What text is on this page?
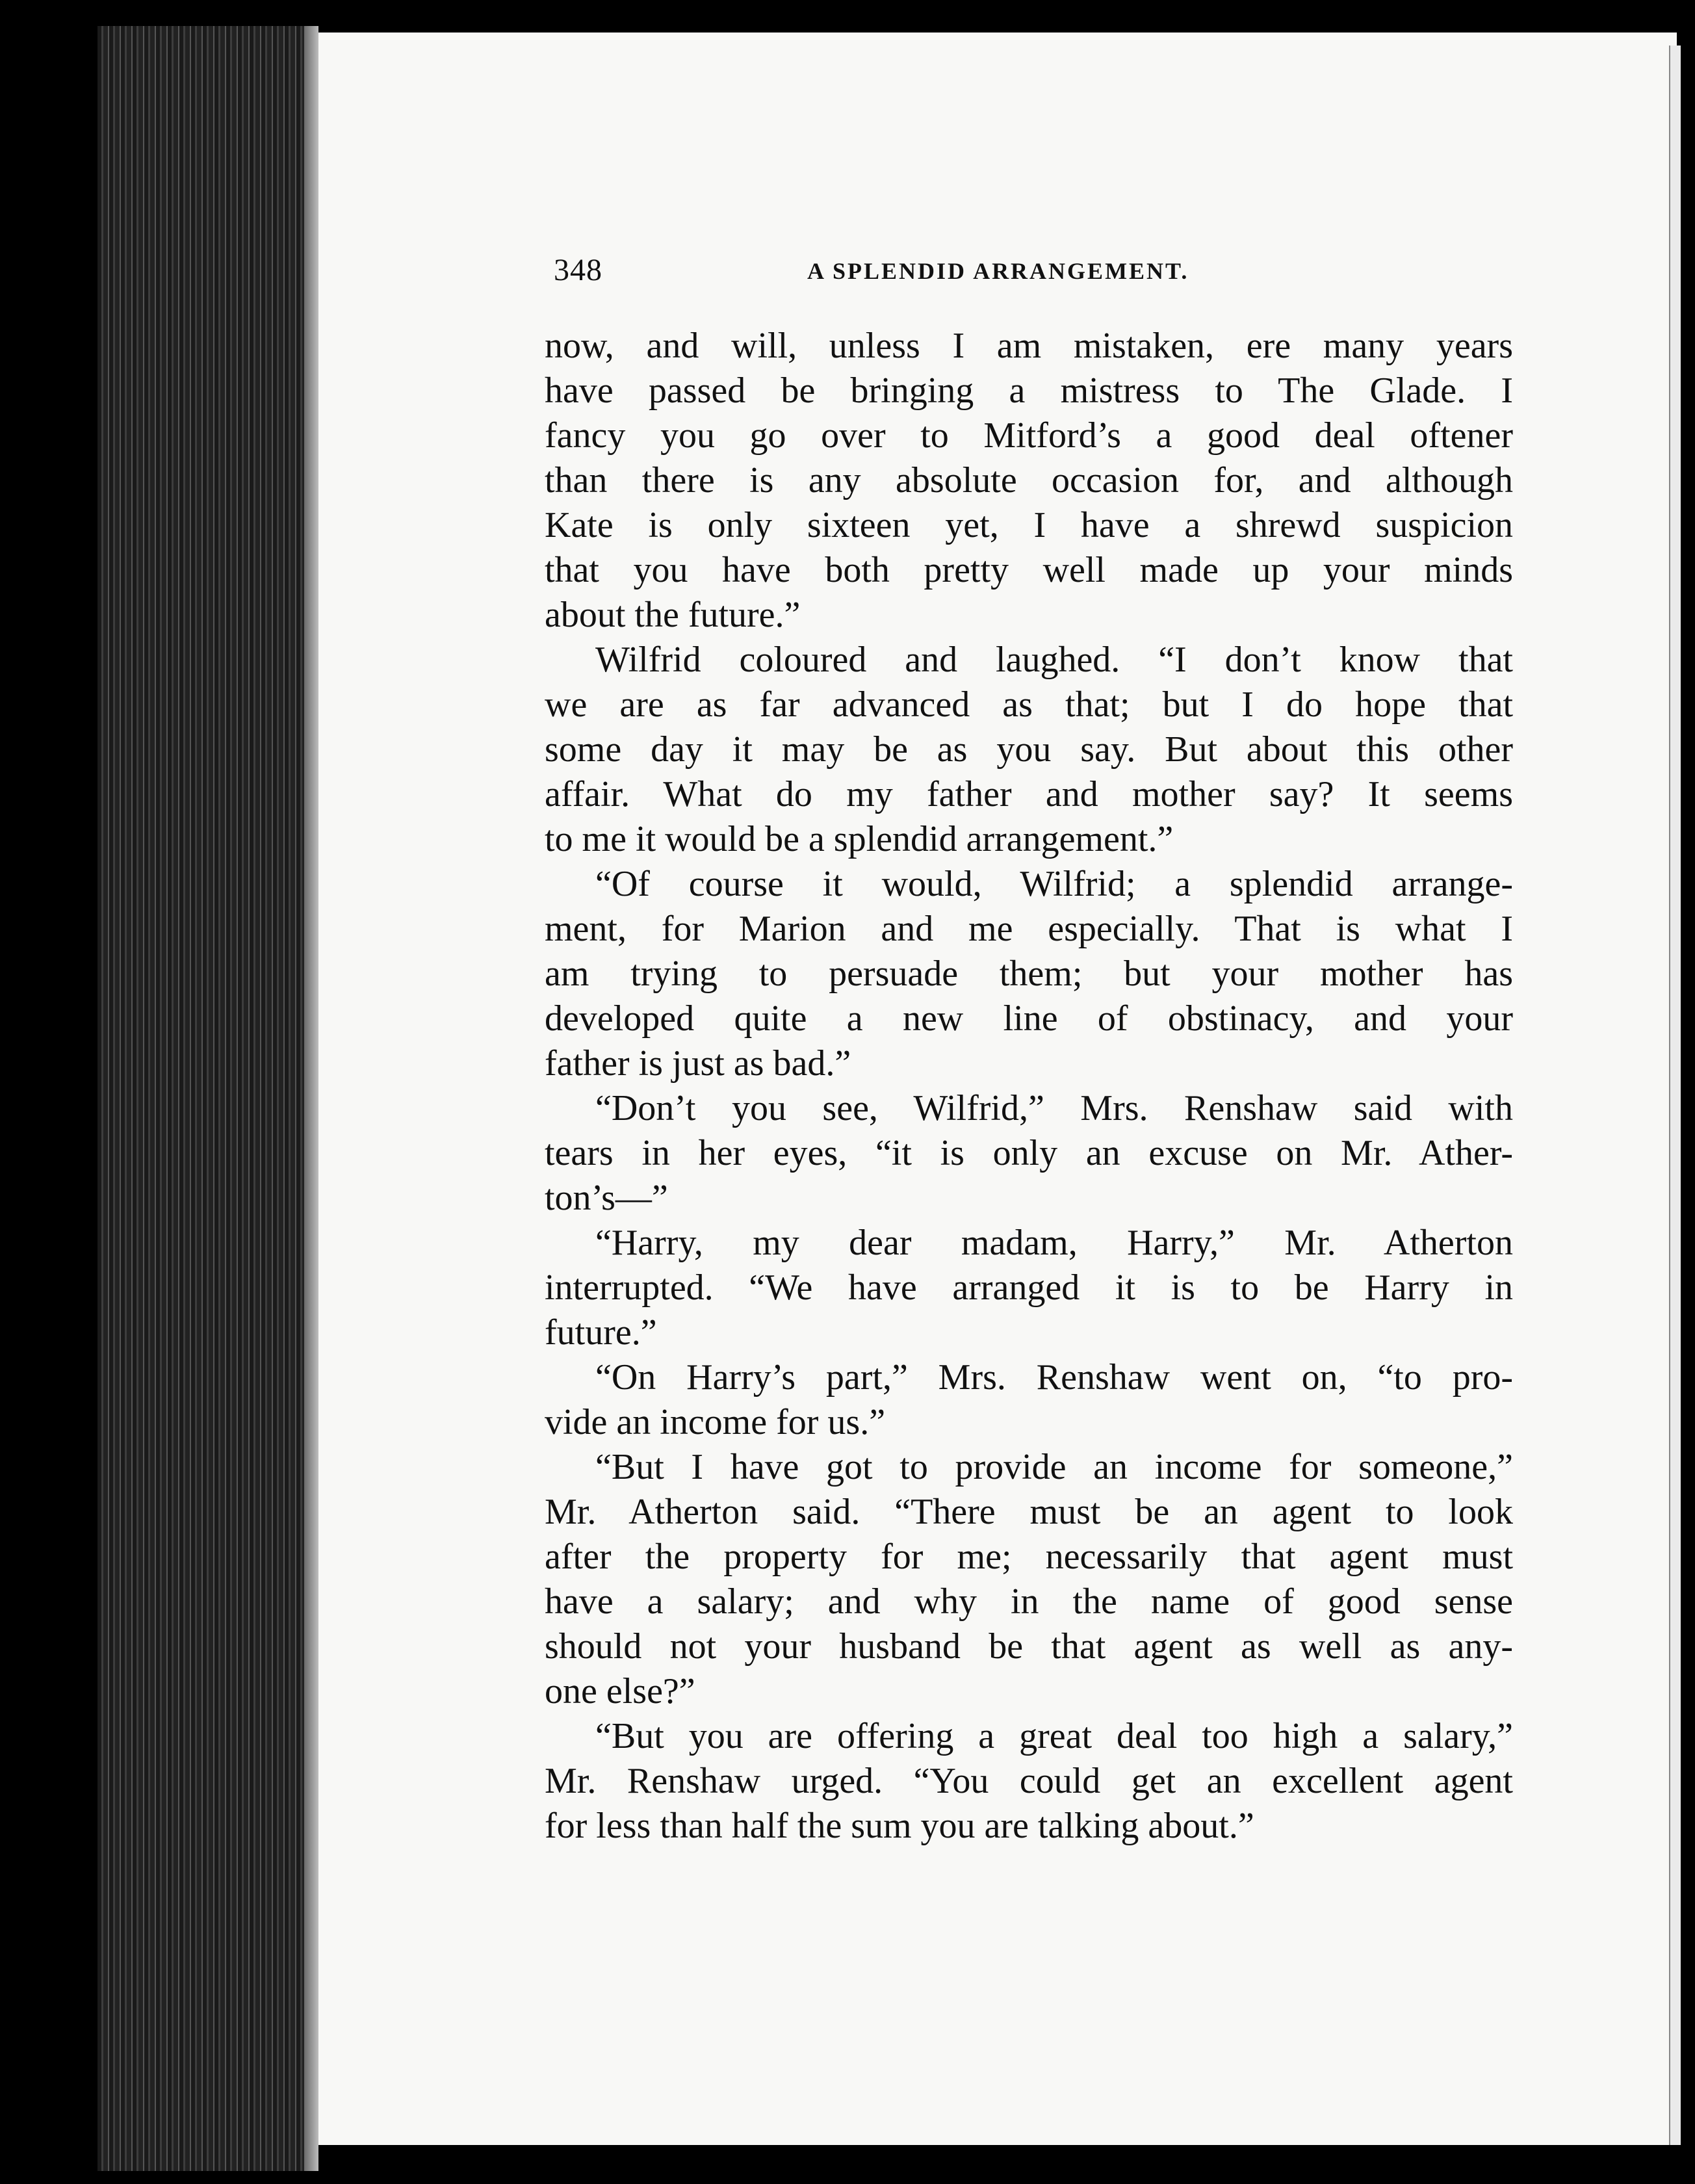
348	A SPLENDID ARRANGEMENT.
now, and will, unless I am mistaken, ere many years
have passed be bringing a mistress to The Glade. I
fancy you go over to Mitford’s a good deal oftener
than there is any absolute occasion for, and although
Kate is only sixteen yet, I have a shrewd suspicion
that you have both pretty well made up your minds
about the future.”
Wilfrid coloured and laughed. “I don’t know that
we are as far advanced as that; but I do hope that
some day it may be as you say. But about this other
affair. What do my father and mother say? It seems
to me it would be a splendid arrangement.”
“Of course it would, Wilfrid; a splendid arrange-
ment, for Marion and me especially. That is what I
am trying to persuade them; but your mother has
developed quite a new line of obstinacy, and your
father is just as bad.”
“Don’t you see, Wilfrid,” Mrs. Renshaw said with
tears in her eyes, “it is only an excuse on Mr. Ather-
ton’s—”
“Harry, my dear madam, Harry,” Mr. Atherton
interrupted. “We have arranged it is to be Harry in
future.”
“On Harry’s part,” Mrs. Renshaw went on, “to pro-
vide an income for us.”
“But I have got to provide an income for someone,”
Mr. Atherton said. “There must be an agent to look
after the property for me; necessarily that agent must
have a salary; and why in the name of good sense
should not your husband be that agent as well as any-
one else?”
“But you are offering a great deal too high a salary,”
Mr. Renshaw urged. “You could get an excellent agent
for less than half the sum you are talking about.”
